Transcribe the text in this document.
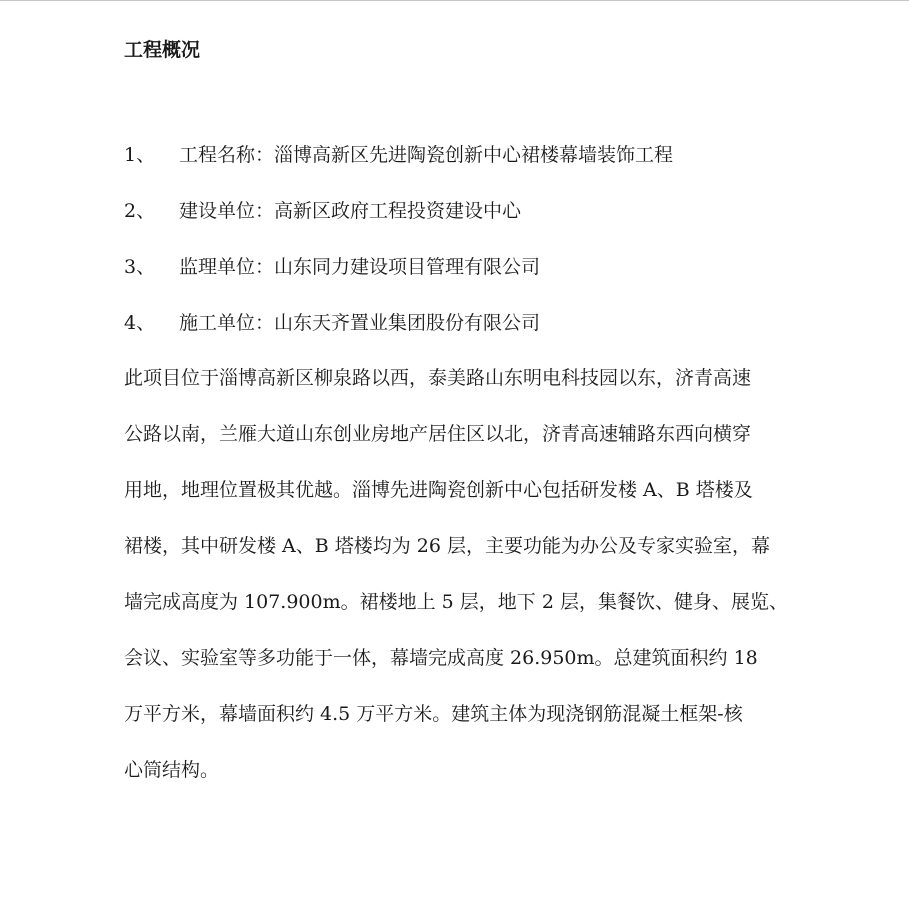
工程概况
1、 工程名称：淄博高新区先进陶瓷创新中心裙楼幕墙装饰工程
2、 建设单位：高新区政府工程投资建设中心
3、 监理单位：山东同力建设项目管理有限公司
4、 施工单位：山东天齐置业集团股份有限公司
此项目位于淄博高新区柳泉路以西，泰美路山东明电科技园以东，济青高速
公路以南，兰雁大道山东创业房地产居住区以北，济青高速辅路东西向横穿
用地，地理位置极其优越。淄博先进陶瓷创新中心包括研发楼 A、B 塔楼及
裙楼，其中研发楼 A、B 塔楼均为 26 层，主要功能为办公及专家实验室，幕
墙完成高度为 107.900m。裙楼地上 5 层，地下 2 层，集餐饮、健身、展览、
会议、实验室等多功能于一体，幕墙完成高度 26.950m。总建筑面积约 18
万平方米，幕墙面积约 4.5 万平方米。建筑主体为现浇钢筋混凝土框架-核
心筒结构。
